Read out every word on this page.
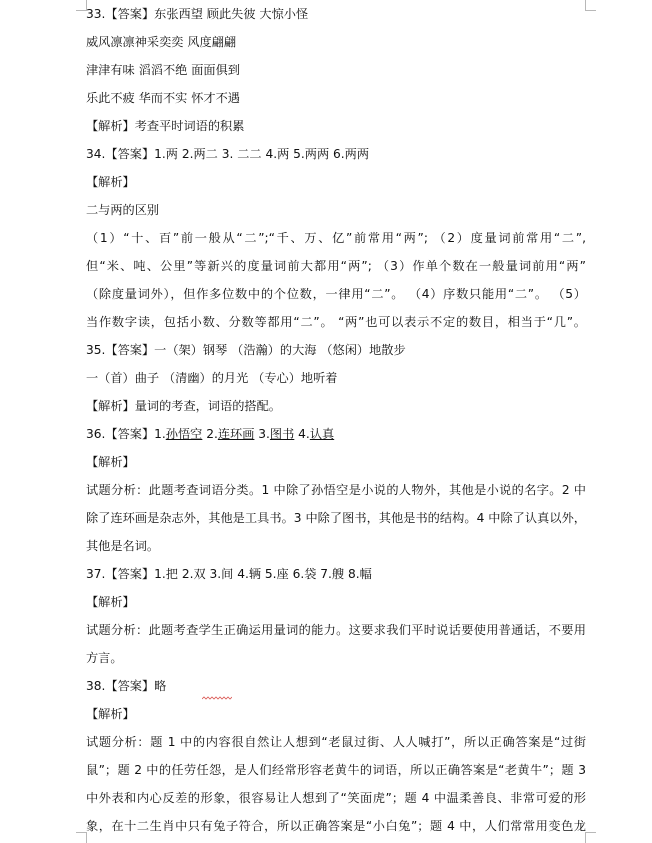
33.【答案】东张西望 顾此失彼 大惊小怪
威风凛凛神采奕奕 风度翩翩
津津有味 滔滔不绝 面面俱到
乐此不疲 华而不实 怀才不遇
【解析】考查平时词语的积累
34.【答案】1.两 2.两二 3. 二二 4.两 5.两两 6.两两
【解析】
二与两的区别
（1）“十、百”前一般从“二”;“千、万、亿”前常用“两”; （2）度量词前常用“二”,
但“米、吨、公里”等新兴的度量词前大都用“两”; （3）作单个数在一般量词前用“两”
（除度量词外），但作多位数中的个位数，一律用“二”。 （4）序数只能用“二”。 （5）
当作数字读，包括小数、分数等都用“二”。 “两”也可以表示不定的数目，相当于“几”。
35.【答案】一（架）钢琴 （浩瀚）的大海 （悠闲）地散步
一（首）曲子 （清幽）的月光 （专心）地听着
【解析】量词的考查，词语的搭配。
36.【答案】1.孙悟空 2.连环画 3.图书 4.认真
【解析】
试题分析：此题考查词语分类。1 中除了孙悟空是小说的人物外，其他是小说的名字。2 中
除了连环画是杂志外，其他是工具书。3 中除了图书，其他是书的结构。4 中除了认真以外，
其他是名词。
37.【答案】1.把 2.双 3.间 4.辆 5.座 6.袋 7.艘 8.幅
【解析】
试题分析：此题考查学生正确运用量词的能力。这要求我们平时说话要使用普通话，不要用
方言。
38.【答案】略
【解析】
试题分析：题 1 中的内容很自然让人想到“老鼠过街、人人喊打”，所以正确答案是“过街
鼠”；题 2 中的任劳任怨，是人们经常形容老黄牛的词语，所以正确答案是“老黄牛”；题 3
中外表和内心反差的形象，很容易让人想到了“笑面虎”；题 4 中温柔善良、非常可爱的形
象，在十二生肖中只有兔子符合，所以正确答案是“小白兔”；题 4 中，人们常常用变色龙
